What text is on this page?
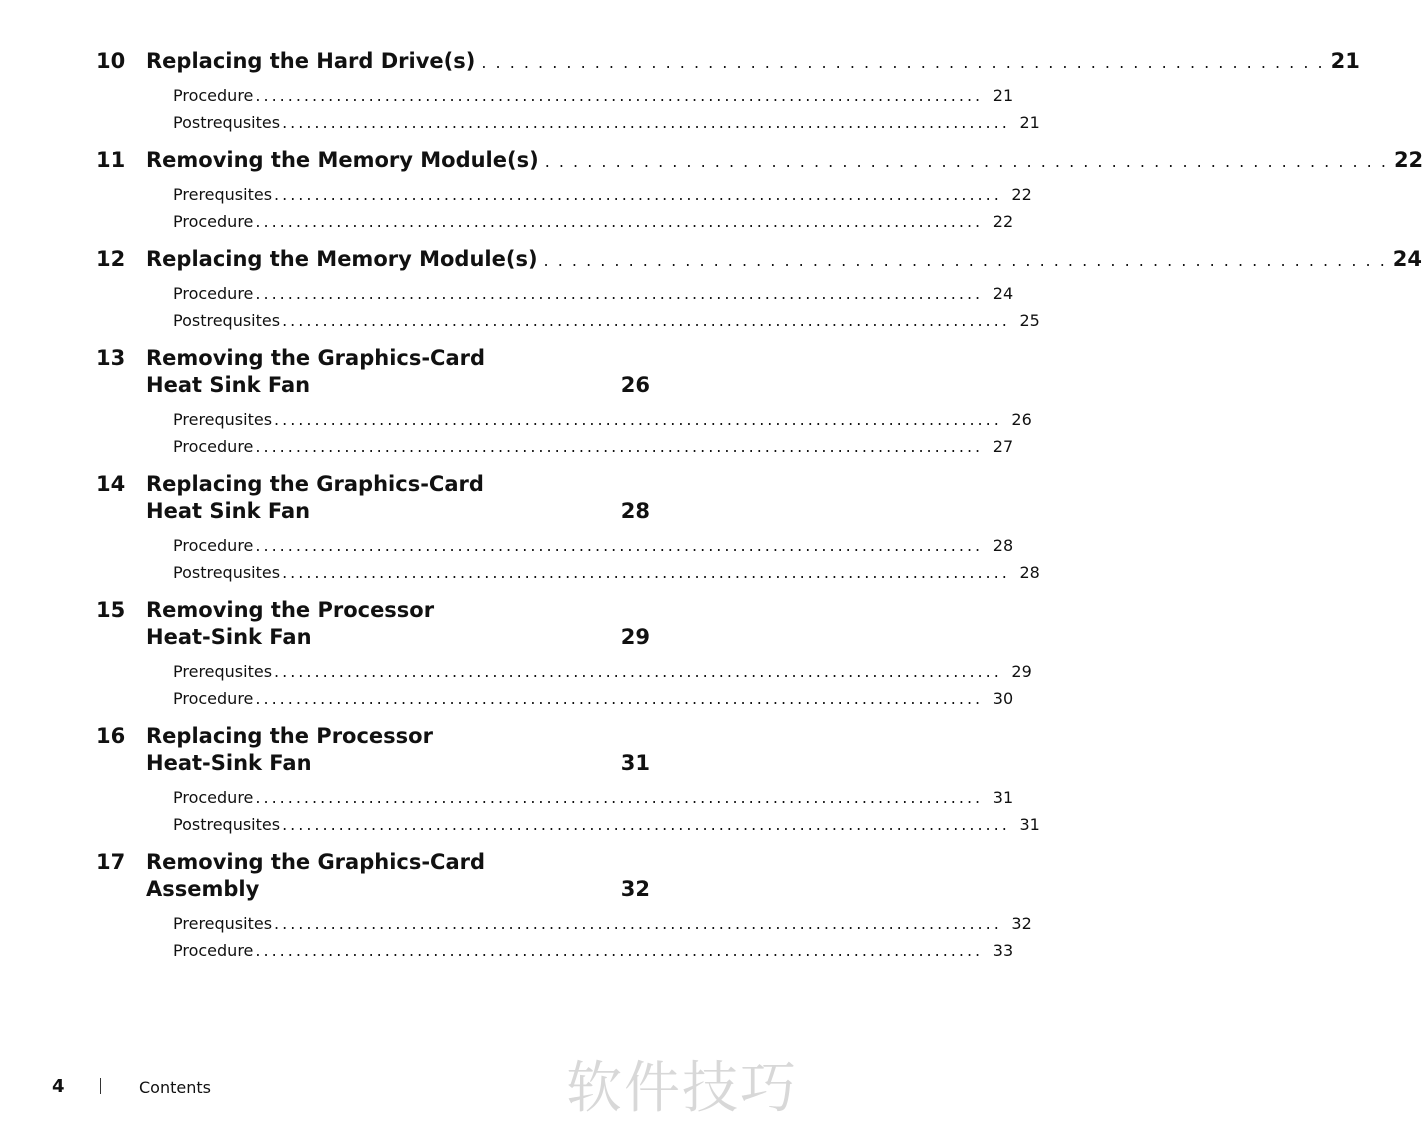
10 Replacing the Hard Drive(s) . . . . . . . . . . . . . . . . . . . . . . . . . . . . . . . . . . . . . . . . . . . . . . . . . . . . . . . . . . . . 21
Procedure .......................................................................................... 21
Postrequsites .......................................................................................... 21
11 Removing the Memory Module(s) . . . . . . . . . . . . . . . . . . . . . . . . . . . . . . . . . . . . . . . . . . . . . . . . . . . . . . . . . . . . 22
Prerequsites .......................................................................................... 22
Procedure .......................................................................................... 22
12 Replacing the Memory Module(s) . . . . . . . . . . . . . . . . . . . . . . . . . . . . . . . . . . . . . . . . . . . . . . . . . . . . . . . . . . . . 24
Procedure .......................................................................................... 24
Postrequsites .......................................................................................... 25
13 Removing the Graphics-Card
Heat Sink Fan	26
Prerequsites .......................................................................................... 26
Procedure .......................................................................................... 27
14 Replacing the Graphics-Card
Heat Sink Fan	28
Procedure .......................................................................................... 28
Postrequsites .......................................................................................... 28
15 Removing the Processor
Heat-Sink Fan	29
Prerequsites .......................................................................................... 29
Procedure .......................................................................................... 30
16 Replacing the Processor
Heat-Sink Fan	31
Procedure .......................................................................................... 31
Postrequsites .......................................................................................... 31
17 Removing the Graphics-Card
Assembly	32
Prerequsites .......................................................................................... 32
Procedure .......................................................................................... 33
4	Contents	软件技巧
